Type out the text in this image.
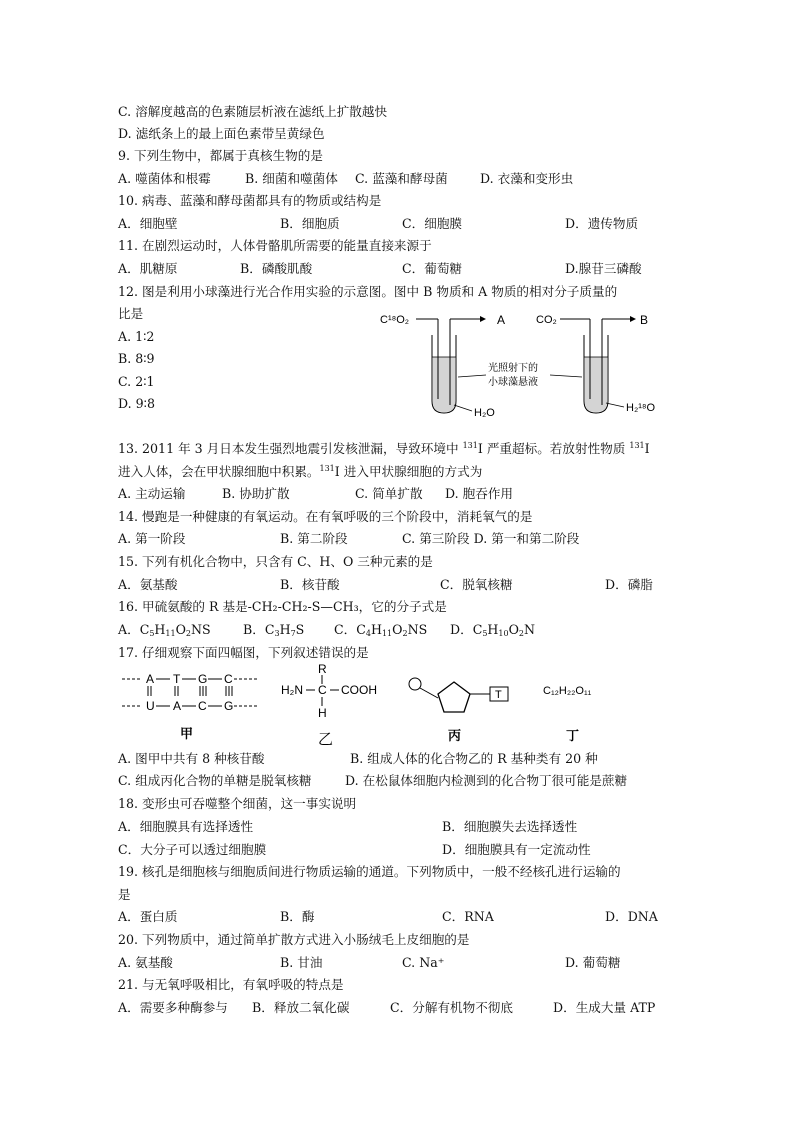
C. 溶解度越高的色素随层析液在滤纸上扩散越快
D. 滤纸条上的最上面色素带呈黄绿色
9. 下列生物中，都属于真核生物的是
A. 噬菌体和根霉	B. 细菌和噬菌体 C. 蓝藻和酵母菌	D. 衣藻和变形虫
10. 病毒、蓝藻和酵母菌都具有的物质或结构是
A．细胞壁	B．细胞质	C．细胞膜	D．遗传物质
11. 在剧烈运动时，人体骨骼肌所需要的能量直接来源于
A．肌糖原	B．磷酸肌酸	C．葡萄糖	D.腺苷三磷酸
12. 图是利用小球藻进行光合作用实验的示意图。图中 B 物质和 A 物质的相对分子质量的
比是
A. 1∶2
B. 8∶9
C. 2∶1
D. 9∶8
C¹⁸O₂	A
H₂O
光照射下的
小球藻悬液
CO₂	B
H₂¹⁸O
13. 2011 年 3 月日本发生强烈地震引发核泄漏，导致环境中 $^{131}$I 严重超标。若放射性物质 $^{131}$I
进入人体，会在甲状腺细胞中积累。$^{131}$I 进入甲状腺细胞的方式为
A. 主动运输	B. 协助扩散	C. 简单扩散 D. 胞吞作用
14. 慢跑是一种健康的有氧运动。在有氧呼吸的三个阶段中，消耗氧气的是
A. 第一阶段	B. 第二阶段	C. 第三阶段 D. 第一和第二阶段
15. 下列有机化合物中，只含有 C、H、O 三种元素的是
A．氨基酸	B．核苷酸	C．脱氧核糖	D．磷脂
16. 甲硫氨酸的 R 基是-CH₂-CH₂-S—CH₃，它的分子式是
A．$C_5H_{11}O_2NS$	B．$C_3H_7S$ C．$C_4H_{11}O_2NS$ D．$C_5H_{10}O_2N$
17. 仔细观察下面四幅图，下列叙述错误的是
A T G C
U A C G
甲
R
H₂N C COOH
H
乙
T
丙
C₁₂H₂₂O₁₁
丁
A. 图甲中共有 8 种核苷酸	B. 组成人体的化合物乙的 R 基种类有 20 种
C. 组成丙化合物的单糖是脱氧核糖	D. 在松鼠体细胞内检测到的化合物丁很可能是蔗糖
18. 变形虫可吞噬整个细菌，这一事实说明
A．细胞膜具有选择透性	B．细胞膜失去选择透性
C．大分子可以透过细胞膜	D．细胞膜具有一定流动性
19. 核孔是细胞核与细胞质间进行物质运输的通道。下列物质中，一般不经核孔进行运输的
是
A．蛋白质	B．酶	C．RNA	D．DNA
20. 下列物质中，通过简单扩散方式进入小肠绒毛上皮细胞的是
A. 氨基酸	B. 甘油	C. Na⁺	D. 葡萄糖
21. 与无氧呼吸相比，有氧呼吸的特点是
A．需要多种酶参与 B．释放二氧化碳	C．分解有机物不彻底	D．生成大量 ATP
